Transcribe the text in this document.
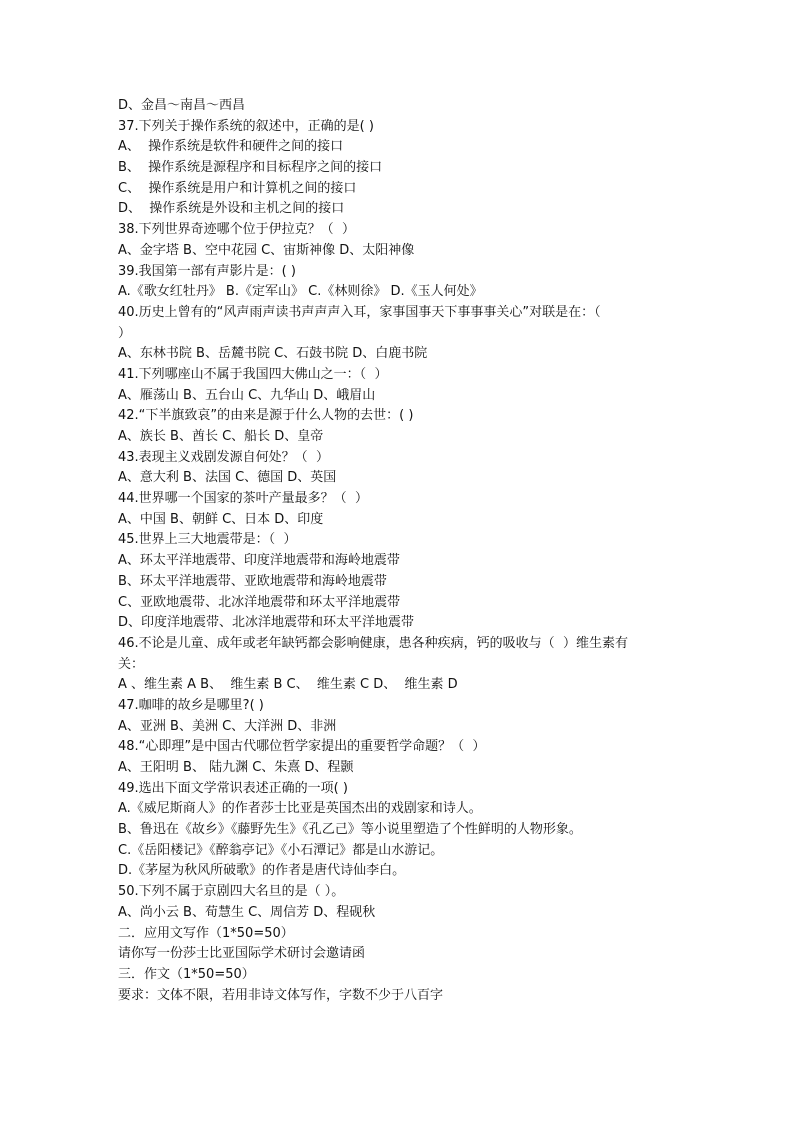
D、金昌～南昌～西昌
37.下列关于操作系统的叙述中，正确的是( )
A、  操作系统是软件和硬件之间的接口
B、  操作系统是源程序和目标程序之间的接口
C、  操作系统是用户和计算机之间的接口
D、  操作系统是外设和主机之间的接口
38.下列世界奇迹哪个位于伊拉克？（  ）
A、金字塔 B、空中花园 C、宙斯神像 D、太阳神像
39.我国第一部有声影片是：( )
A.《歌女红牡丹》 B.《定军山》 C.《林则徐》 D.《玉人何处》
40.历史上曾有的“风声雨声读书声声声入耳，家事国事天下事事事关心”对联是在：（
）
A、东林书院 B、岳麓书院 C、石鼓书院 D、白鹿书院
41.下列哪座山不属于我国四大佛山之一：（  ）
A、雁荡山 B、五台山 C、九华山 D、峨眉山
42.“下半旗致哀”的由来是源于什么人物的去世：( )
A、族长 B、酋长 C、船长 D、皇帝
43.表现主义戏剧发源自何处？（  ）
A、意大利 B、法国 C、德国 D、英国
44.世界哪一个国家的茶叶产量最多？（  ）
A、中国 B、朝鲜 C、日本 D、印度
45.世界上三大地震带是：（  ）
A、环太平洋地震带、印度洋地震带和海岭地震带
B、环太平洋地震带、亚欧地震带和海岭地震带
C、亚欧地震带、北冰洋地震带和环太平洋地震带
D、印度洋地震带、北冰洋地震带和环太平洋地震带
46.不论是儿童、成年或老年缺钙都会影响健康，患各种疾病，钙的吸收与（  ）维生素有
关：
A 、维生素 A B、  维生素 B C、  维生素 C D、  维生素 D
47.咖啡的故乡是哪里?( )
A、亚洲 B、美洲 C、大洋洲 D、非洲
48.“心即理”是中国古代哪位哲学家提出的重要哲学命题？（  ）
A、王阳明 B、 陆九渊 C、朱熹 D、程颢
49.选出下面文学常识表述正确的一项( )
A.《威尼斯商人》的作者莎士比亚是英国杰出的戏剧家和诗人。
B、鲁迅在《故乡》《藤野先生》《孔乙己》等小说里塑造了个性鲜明的人物形象。
C.《岳阳楼记》《醉翁亭记》《小石潭记》都是山水游记。
D.《茅屋为秋风所破歌》的作者是唐代诗仙李白。
50.下列不属于京剧四大名旦的是（ ）。
A、尚小云 B、荀慧生 C、周信芳 D、程砚秋
二．应用文写作（1*50=50）
请你写一份莎士比亚国际学术研讨会邀请函
三．作文（1*50=50）
要求：文体不限，若用非诗文体写作，字数不少于八百字
